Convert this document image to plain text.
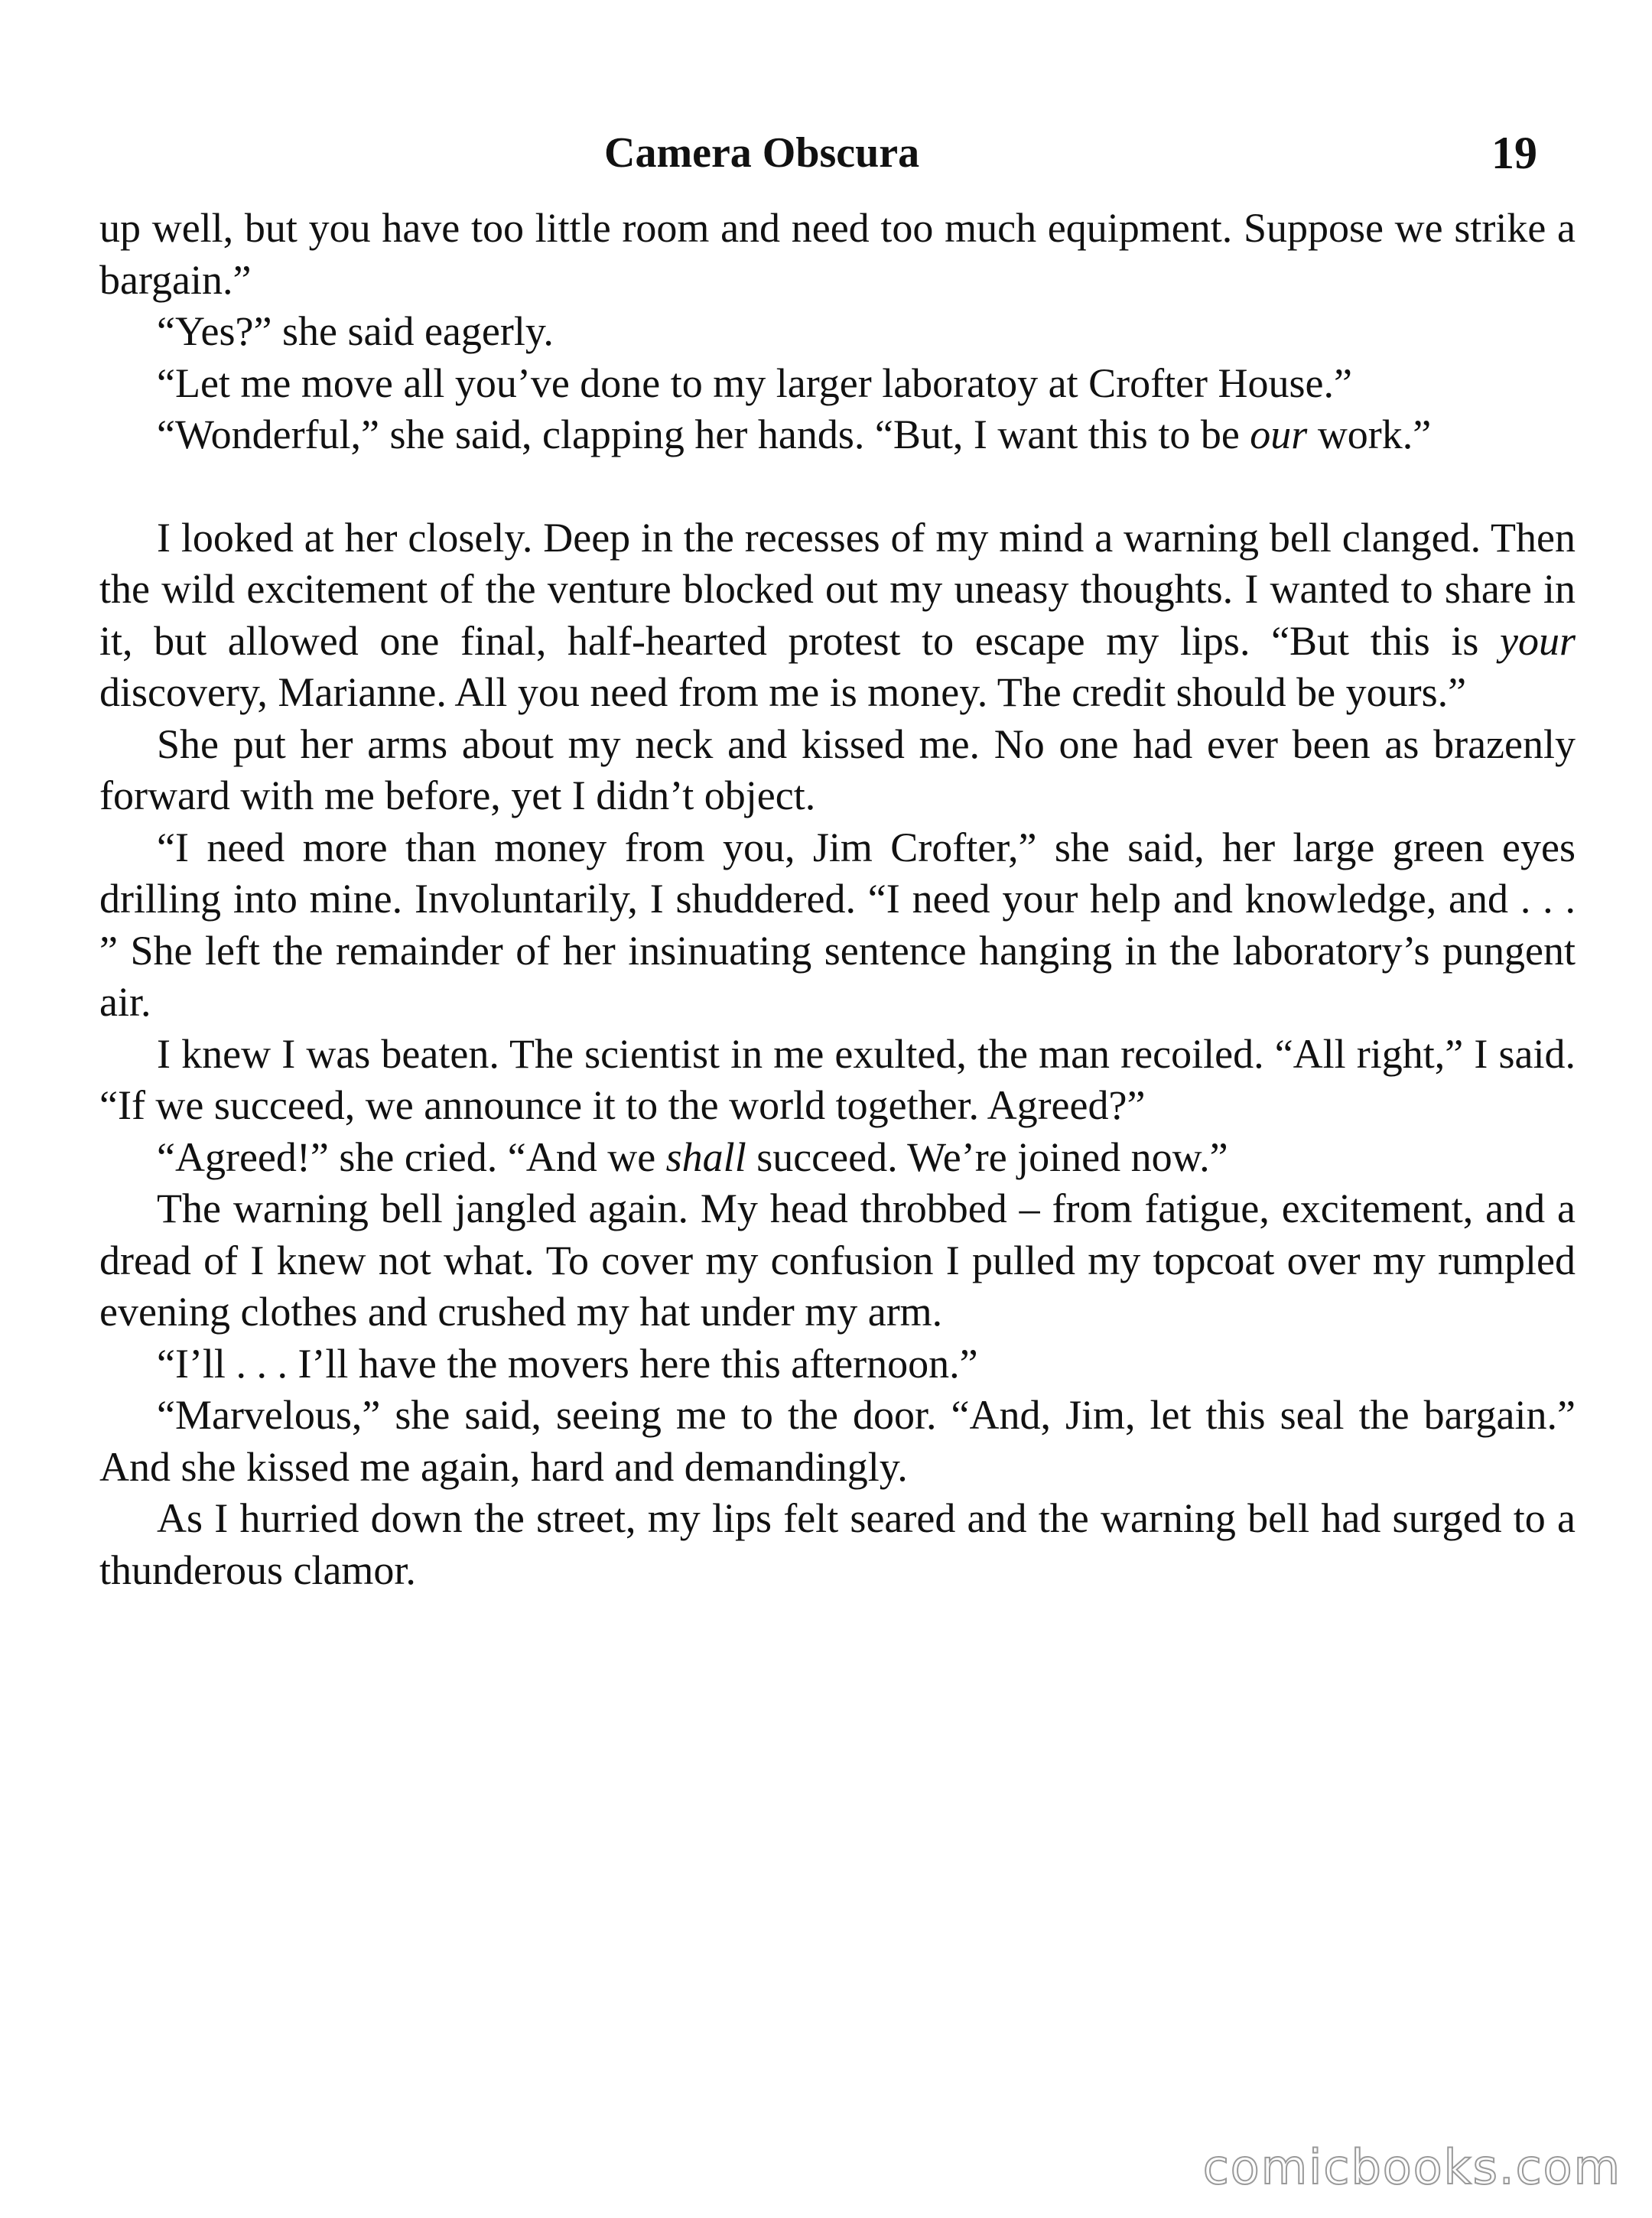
Camera Obscura	19

up well, but you have too little room and need too much equipment. Suppose we strike a bargain.”

“Yes?” she said eagerly.

“Let me move all you’ve done to my larger laboratoy at Crofter House.”

“Wonderful,” she said, clapping her hands. “But, I want this to be our work.”

I looked at her closely. Deep in the recesses of my mind a warning bell clanged. Then the wild excitement of the venture blocked out my uneasy thoughts. I wanted to share in it, but allowed one final, half-hearted protest to escape my lips. “But this is your discovery, Marianne. All you need from me is money. The credit should be yours.”

She put her arms about my neck and kissed me. No one had ever been as brazenly forward with me before, yet I didn’t object.

“I need more than money from you, Jim Crofter,” she said, her large green eyes drilling into mine. Involuntarily, I shuddered. “I need your help and knowledge, and . . . ” She left the remainder of her insinuating sentence hanging in the laboratory’s pungent air.

I knew I was beaten. The scientist in me exulted, the man recoiled. “All right,” I said. “If we succeed, we announce it to the world together. Agreed?”

“Agreed!” she cried. “And we shall succeed. We’re joined now.”

The warning bell jangled again. My head throbbed – from fatigue, excitement, and a dread of I knew not what. To cover my confusion I pulled my topcoat over my rumpled evening clothes and crushed my hat under my arm.

“I’ll . . . I’ll have the movers here this afternoon.”

“Marvelous,” she said, seeing me to the door. “And, Jim, let this seal the bargain.” And she kissed me again, hard and demandingly.

As I hurried down the street, my lips felt seared and the warning bell had surged to a thunderous clamor.

comicbooks.com
